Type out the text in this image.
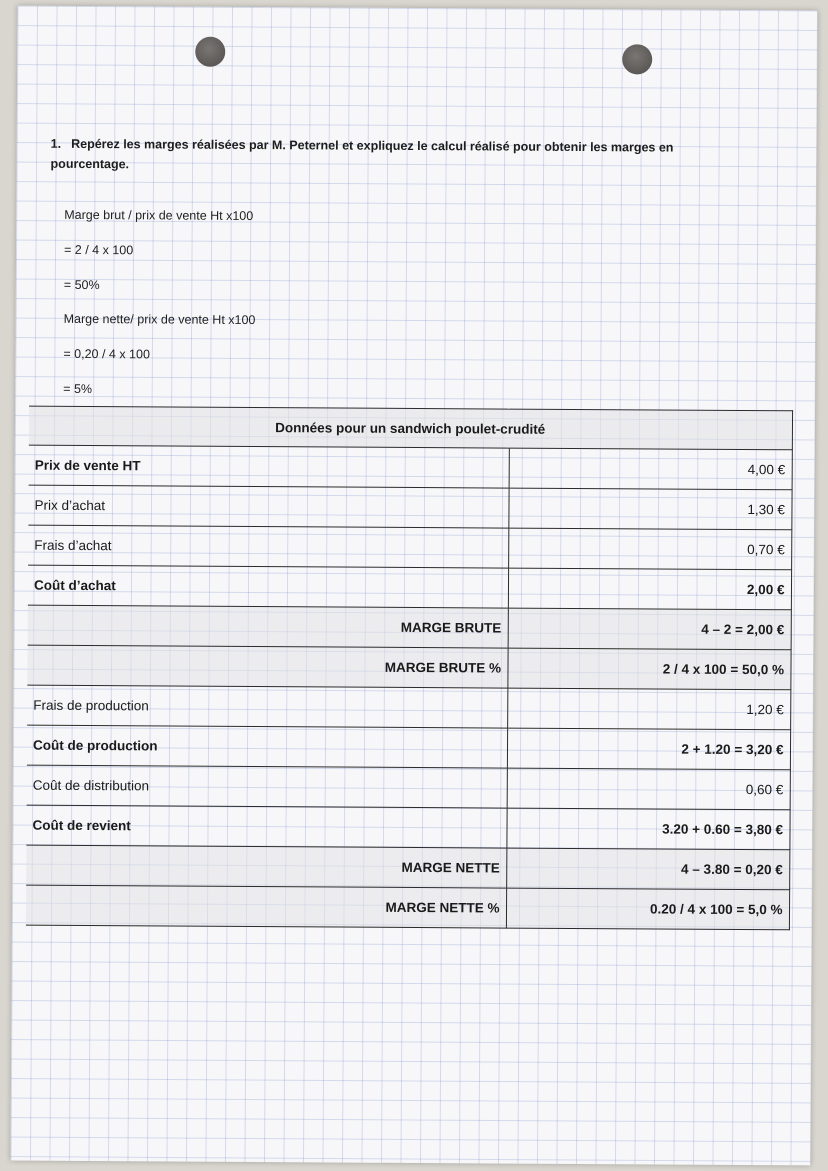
1. Repérez les marges réalisées par M. Peternel et expliquez le calcul réalisé pour obtenir les marges en pourcentage.
Marge brut / prix de vente Ht x100
= 2 / 4 x 100
= 50%
Marge nette/ prix de vente Ht x100
= 0,20 / 4 x 100
= 5%
Données pour un sandwich poulet-crudité	
Prix de vente HT	4,00 €
Prix d’achat	1,30 €
Frais d’achat	0,70 €
Coût d’achat	2,00 €
MARGE BRUTE	4 – 2 = 2,00 €
MARGE BRUTE %	2 / 4 x 100 = 50,0 %
Frais de production	1,20 €
Coût de production	2 + 1.20 = 3,20 €
Coût de distribution	0,60 €
Coût de revient	3.20 + 0.60 = 3,80 €
MARGE NETTE	4 – 3.80 = 0,20 €
MARGE NETTE %	0.20 / 4 x 100 = 5,0 %
